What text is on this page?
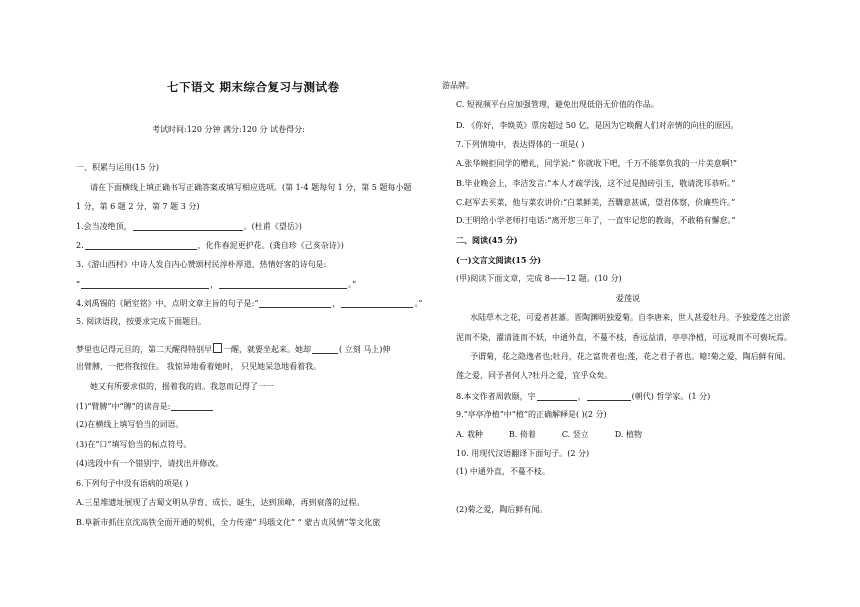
七下语文 期末综合复习与测试卷
考试时间:120 分钟 满分:120 分 试卷得分:
一、积累与运用(15 分)
请在下面横线上填正确书写正确答案或填写相应选项。(第 1-4 题每句 1 分，第 5 题每小题
1 分，第 6 题 2 分，第 7 题 3 分)
1.会当凌绝顶，	。(杜甫《望岳》)
2.	，化作春泥更护花。(龚自珍《己亥杂诗》)
3.《游山西村》中诗人发自内心赞颂村民淳朴厚道、热情好客的诗句是:
“	，	。”
4.刘禹锡的《陋室铭》中，点明文章主旨的句子是:“	，	。”
5. 阅读语段，按要求完成下面题目。
梦里也记得元旦的，第二天醒得特别早 一醒，就要坐起来。她却	( 立刻 马上)伸
出臂膊，一把将我按住。 我惊异地看着她时， 只见她呆急地看着我。
她又有所要求似的，摇着我的肩。我忽而记得了一一
(1)“臂膊”中“膊”的读音是:
(2)在横线上填写恰当的词语。
(3)在“口”填写恰当的标点符号。
(4)选段中有一个错别字，请找出并修改。
6.下列句子中没有语病的项是( )
A.三星堆遗址展现了古蜀文明从孕育、成长、诞生，达到顶峰，再到衰落的过程。
B.阜新市抓住京沈高铁全面开通的契机，全力传递“ 玛瑙文化” “ 蒙古贞风情”等文化旅
游品牌。
C. 短视频平台应加强管理，避免出现低俗无价值的作品。
D. 《你好，李焕英》票房超过 50 亿，是因为它唤醒人们对亲情的向往的原因。
7.下列情境中，表达得体的一项是( )
A.张华婉拒同学的赠礼，同学说:“ 你就收下吧，千万不能辜负我的一片美意啊!”
B.毕业晚会上，李洁发言:“本人才疏学浅，这不过是抛砖引玉，敬请洗耳恭听。”
C.赵军去买菜，他与菜农讲价:“白菜鲜美，吾購意甚诚，望君体察，价廉些许。”
D.王明给小学老师打电话:“离开您三年了，一直牢记您的教诲，不敢稍有懈怠。”
二、阅读(45 分)
(一)文言文阅读(15 分)
(甲)阅读下面文章，完成 8——12 题。(10 分)
爱莲说
水陆草木之花，可爱者甚蕃。晋陶渊明独爱菊。自李唐来，世人甚爱牡丹。予独爱莲之出淤
泥而不染，濯清涟而不妖，中通外直，不蔓不枝，香远益清，亭亭净植，可远观而不可亵玩焉。
予谓菊，花之隐逸者也;牡丹，花之富贵者也;莲，花之君子者也。噫!菊之爱，陶后鲜有闻。
莲之爱，同予者何人?牡丹之爱，宜乎众矣。
8.本文作者周敦颐，字	，	(朝代) 哲学家。(1 分)
9.“亭亭净植”中“植”的正确解释是( )(2 分)
A. 栽种	B. 倚着	C. 竖立	D. 植物
10. 用现代汉语翻译下面句子。(2 分)
(1) 中通外直，不蔓不枝。
(2)菊之爱，陶后鲜有闻。
